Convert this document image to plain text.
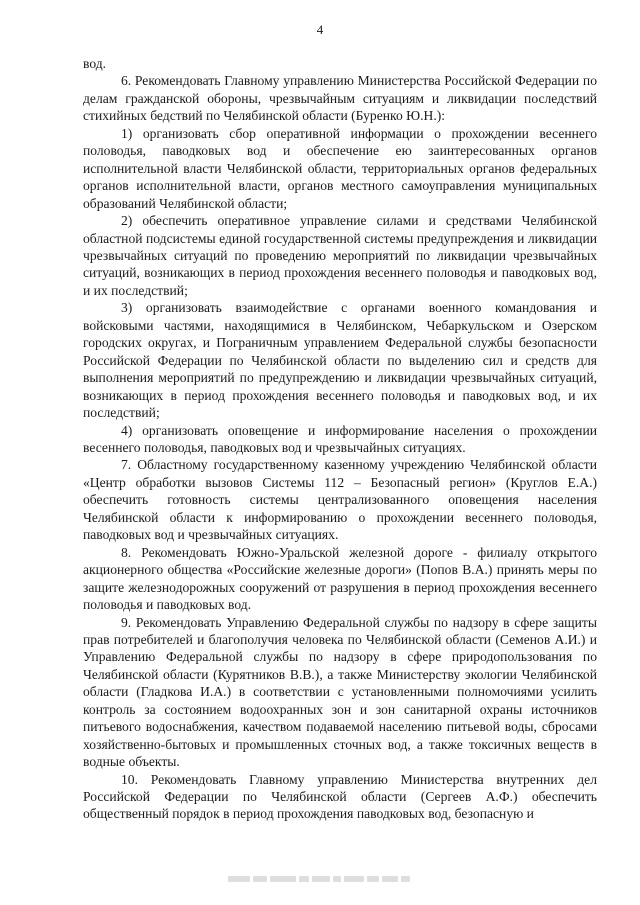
4

вод.

6. Рекомендовать Главному управлению Министерства Российской Федерации по делам гражданской обороны, чрезвычайным ситуациям и ликвидации последствий стихийных бедствий по Челябинской области (Буренко Ю.Н.):

1) организовать сбор оперативной информации о прохождении весеннего половодья, паводковых вод и обеспечение ею заинтересованных органов исполнительной власти Челябинской области, территориальных органов федеральных органов исполнительной власти, органов местного самоуправления муниципальных образований Челябинской области;

2) обеспечить оперативное управление силами и средствами Челябинской областной подсистемы единой государственной системы предупреждения и ликвидации чрезвычайных ситуаций по проведению мероприятий по ликвидации чрезвычайных ситуаций, возникающих в период прохождения весеннего половодья и паводковых вод, и их последствий;

3) организовать взаимодействие с органами военного командования и войсковыми частями, находящимися в Челябинском, Чебаркульском и Озерском городских округах, и Пограничным управлением Федеральной службы безопасности Российской Федерации по Челябинской области по выделению сил и средств для выполнения мероприятий по предупреждению и ликвидации чрезвычайных ситуаций, возникающих в период прохождения весеннего половодья и паводковых вод, и их последствий;

4) организовать оповещение и информирование населения о прохождении весеннего половодья, паводковых вод и чрезвычайных ситуациях.

7. Областному государственному казенному учреждению Челябинской области «Центр обработки вызовов Системы 112 – Безопасный регион» (Круглов Е.А.) обеспечить готовность системы централизованного оповещения населения Челябинской области к информированию о прохождении весеннего половодья, паводковых вод и чрезвычайных ситуациях.

8. Рекомендовать Южно-Уральской железной дороге - филиалу открытого акционерного общества «Российские железные дороги» (Попов В.А.) принять меры по защите железнодорожных сооружений от разрушения в период прохождения весеннего половодья и паводковых вод.

9. Рекомендовать Управлению Федеральной службы по надзору в сфере защиты прав потребителей и благополучия человека по Челябинской области (Семенов А.И.) и Управлению Федеральной службы по надзору в сфере природопользования по Челябинской области (Курятников В.В.), а также Министерству экологии Челябинской области (Гладкова И.А.) в соответствии с установленными полномочиями усилить контроль за состоянием водоохранных зон и зон санитарной охраны источников питьевого водоснабжения, качеством подаваемой населению питьевой воды, сбросами хозяйственно-бытовых и промышленных сточных вод, а также токсичных веществ в водные объекты.

10. Рекомендовать Главному управлению Министерства внутренних дел Российской Федерации по Челябинской области (Сергеев А.Ф.) обеспечить общественный порядок в период прохождения паводковых вод, безопасную и
